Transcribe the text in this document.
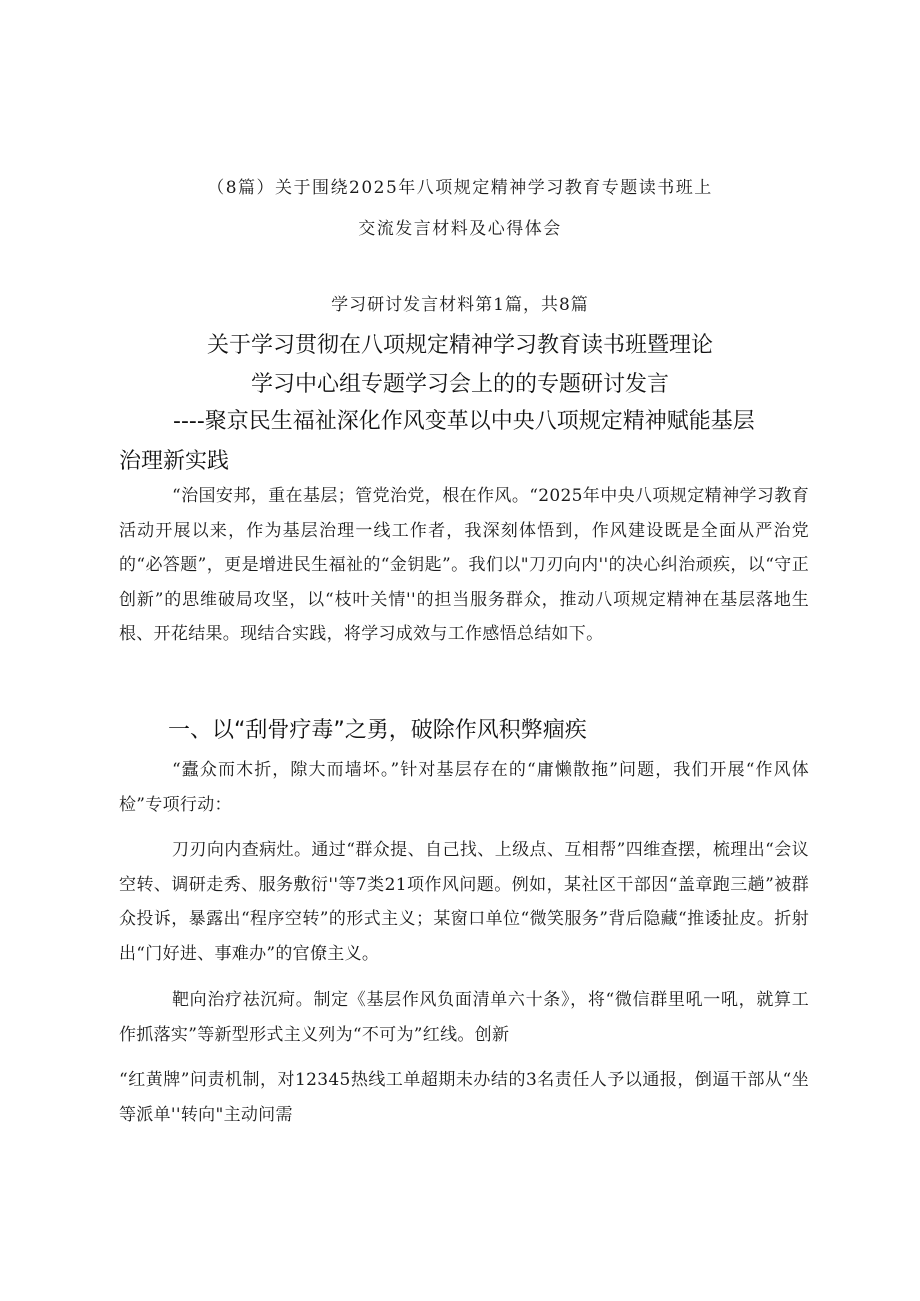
（8篇）关于围绕2025年八项规定精神学习教育专题读书班上
交流发言材料及心得体会
学习研讨发言材料第1篇，共8篇
关于学习贯彻在八项规定精神学习教育读书班暨理论
学习中心组专题学习会上的的专题研讨发言
----聚京民生福祉深化作风变革以中央八项规定精神赋能基层
治理新实践
“治国安邦，重在基层；管党治党，根在作风。“2025年中央八项规定精神学习教育活动开展以来，作为基层治理一线工作者，我深刻体悟到，作风建设既是全面从严治党的“必答题”，更是增进民生福祉的“金钥匙”。我们以"刀刃向内''的决心纠治顽疾，以“守正创新”的思维破局攻坚，以“枝叶关情''的担当服务群众，推动八项规定精神在基层落地生根、开花结果。现结合实践，将学习成效与工作感悟总结如下。
一、以“刮骨疗毒”之勇，破除作风积弊痼疾
“蠹众而木折，隙大而墙坏。”针对基层存在的“庸懒散拖”问题，我们开展“作风体检”专项行动：
刀刃向内查病灶。通过“群众提、自己找、上级点、互相帮”四维查摆，梳理出“会议空转、调研走秀、服务敷衍''等7类21项作风问题。例如，某社区干部因“盖章跑三趟”被群众投诉，暴露出“程序空转”的形式主义；某窗口单位“微笑服务”背后隐藏“推诿扯皮。折射出“门好进、事难办”的官僚主义。
靶向治疗祛沉疴。制定《基层作风负面清单六十条》，将“微信群里吼一吼，就算工作抓落实”等新型形式主义列为“不可为”红线。创新
“红黄牌”问责机制，对12345热线工单超期未办结的3名责任人予以通报，倒逼干部从“坐等派单''转向"主动问需
